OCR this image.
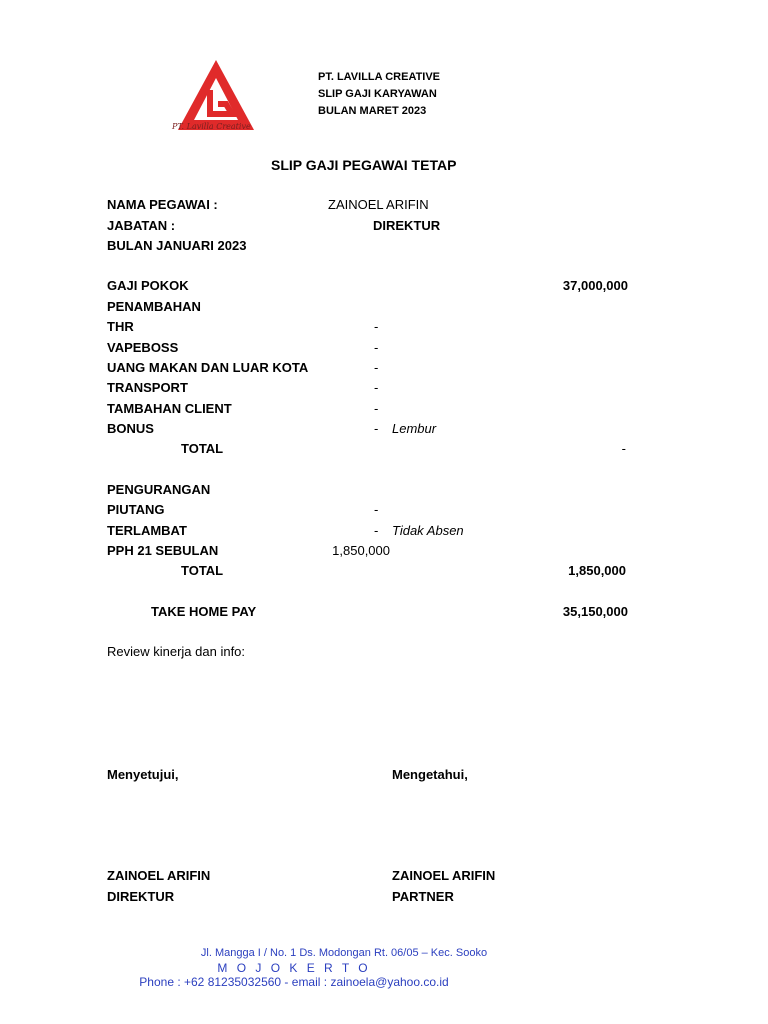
PT. Lavilla Creative
PT. LAVILLA CREATIVE
SLIP GAJI KARYAWAN
BULAN MARET 2023
SLIP GAJI PEGAWAI TETAP
NAMA PEGAWAI :	ZAINOEL ARIFIN
JABATAN :	DIREKTUR
BULAN JANUARI 2023
GAJI POKOK	37,000,000
PENAMBAHAN
THR	-
VAPEBOSS	-
UANG MAKAN DAN LUAR KOTA	-
TRANSPORT	-
TAMBAHAN CLIENT	-
BONUS	- Lembur
TOTAL	-
PENGURANGAN
PIUTANG	-
TERLAMBAT	- Tidak Absen
PPH 21 SEBULAN	1,850,000
TOTAL	1,850,000
TAKE HOME PAY	35,150,000
Review kinerja dan info:
Menyetujui,	Mengetahui,
ZAINOEL ARIFIN	ZAINOEL ARIFIN
DIREKTUR	PARTNER
Jl. Mangga I / No. 1 Ds. Modongan Rt. 06/05 – Kec. Sooko
M O J O K E R T O
Phone : +62 81235032560 - email : zainoela@yahoo.co.id
